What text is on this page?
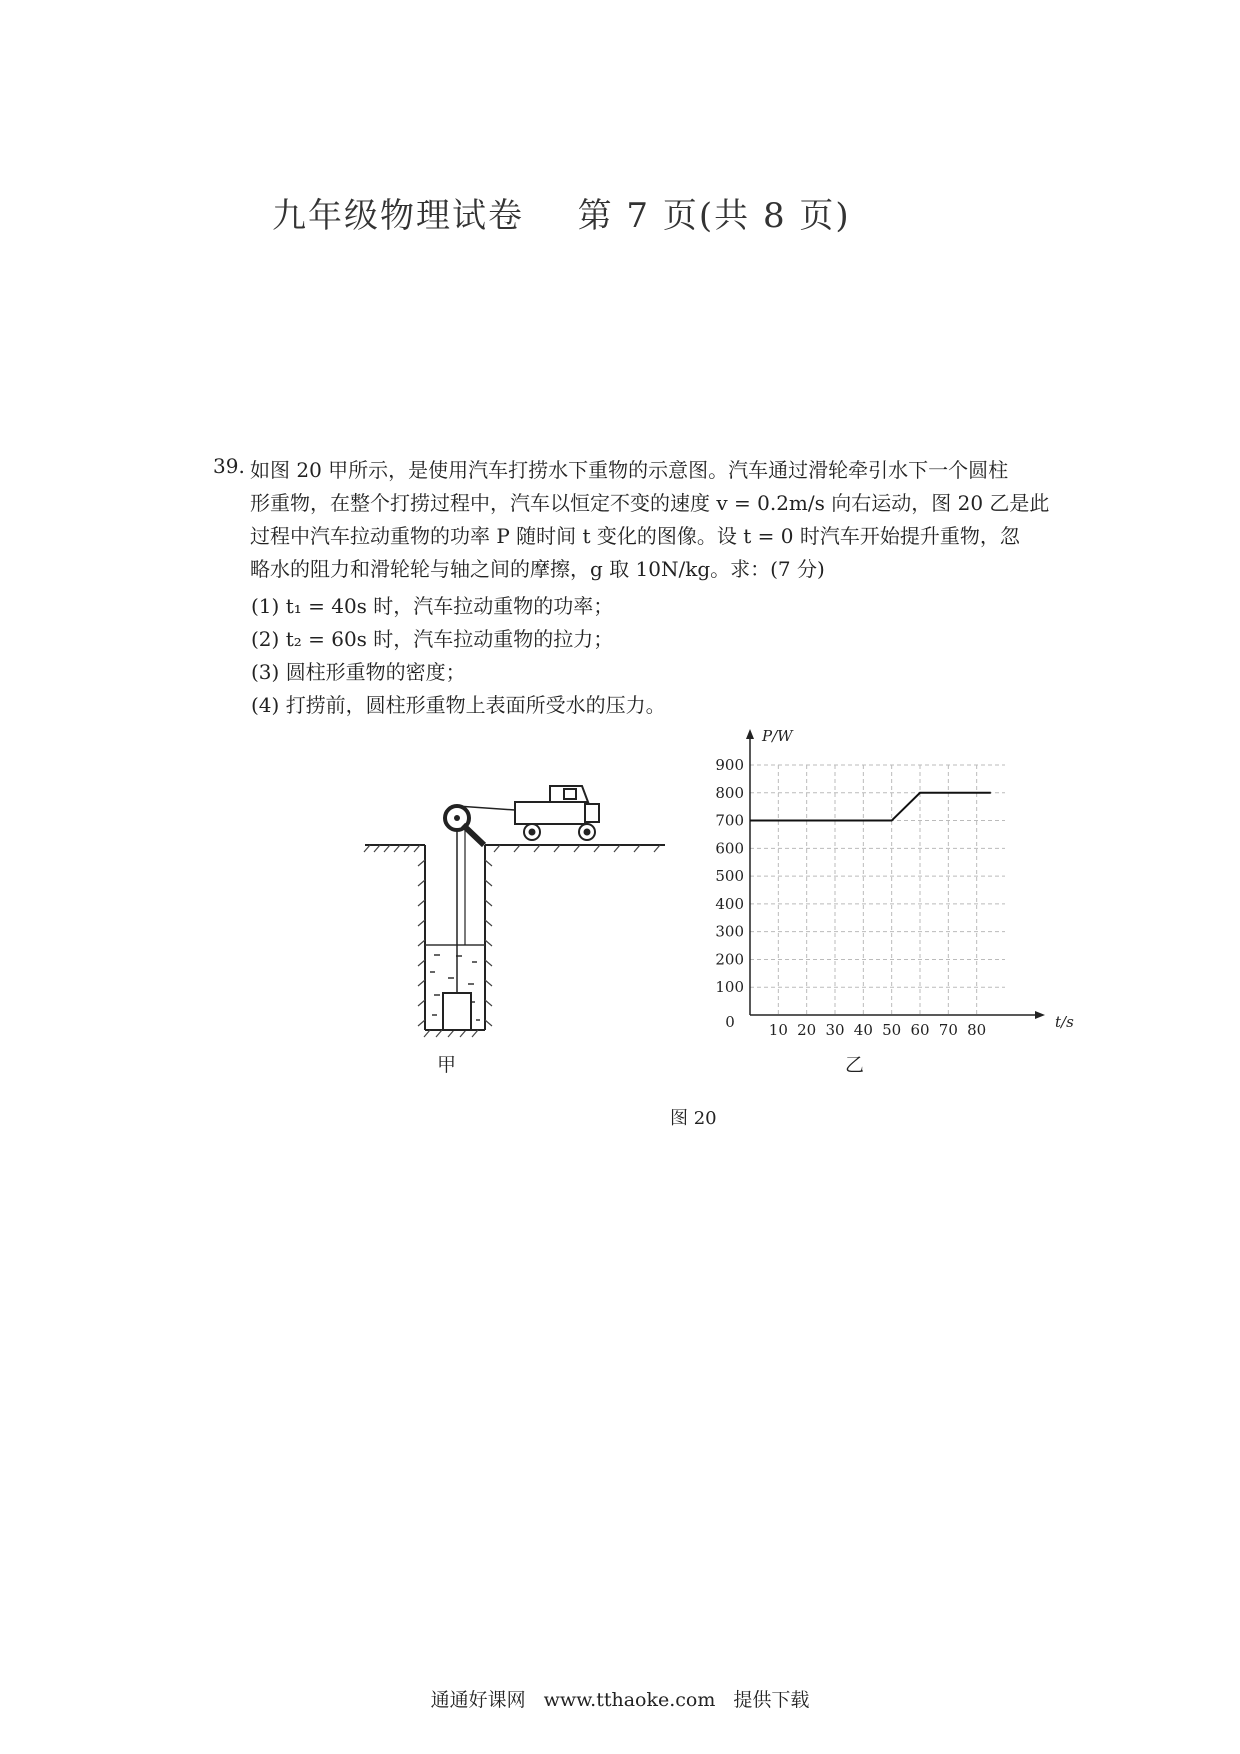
九年级物理试卷 第 7 页(共 8 页)
39. 如图 20 甲所示，是使用汽车打捞水下重物的示意图。汽车通过滑轮牵引水下一个圆柱
形重物，在整个打捞过程中，汽车以恒定不变的速度 v = 0.2m/s 向右运动，图 20 乙是此
过程中汽车拉动重物的功率 P 随时间 t 变化的图像。设 t = 0 时汽车开始提升重物，忽
略水的阻力和滑轮轮与轴之间的摩擦，g 取 10N/kg。求：(7 分)
(1) t₁ = 40s 时，汽车拉动重物的功率；
(2) t₂ = 60s 时，汽车拉动重物的拉力；
(3) 圆柱形重物的密度；
(4) 打捞前，圆柱形重物上表面所受水的压力。
甲
10 20 30 40 50 60 70 80
100
200
300
400
500
600
700
800
900
0	t/s
P/W
乙
图 20
通通好课网 www.tthaoke.com 提供下载
